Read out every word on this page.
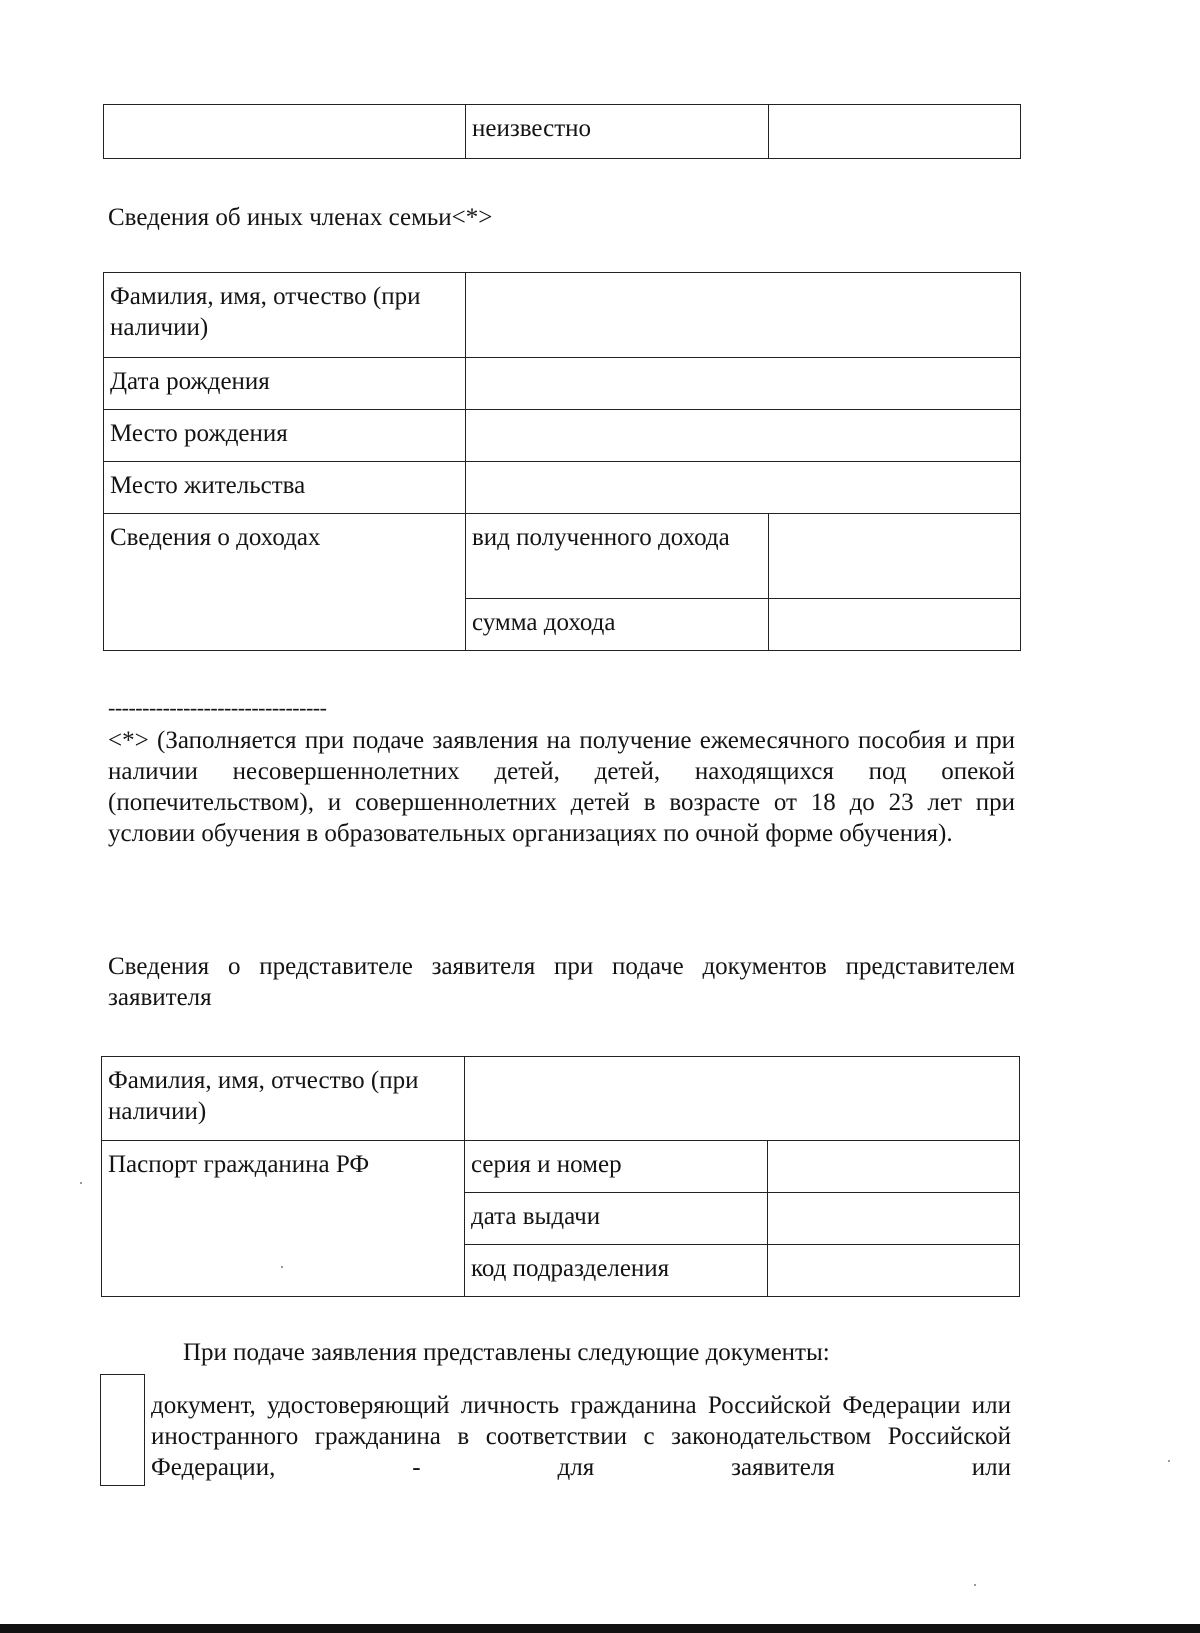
	неизвестно	
Сведения об иных членах семьи<*>
Фамилия, имя, отчество (при наличии)		
Дата рождения		
Место рождения		
Место жительства		
Сведения о доходах	вид полученного дохода	
	сумма дохода	
--------------------------------
<*> (Заполняется при подаче заявления на получение ежемесячного пособия и при наличии несовершеннолетних детей, детей, находящихся под опекой (попечительством), и совершеннолетних детей в возрасте от 18 до 23 лет при условии обучения в образовательных организациях по очной форме обучения).
Сведения о представителе заявителя при подаче документов представителем заявителя
Фамилия, имя, отчество (при наличии)		
Паспорт гражданина РФ	серия и номер	
	дата выдачи	
	код подразделения	
При подаче заявления представлены следующие документы:
документ, удостоверяющий личность гражданина Российской Федерации или иностранного гражданина в соответствии с законодательством Российской Федерации, - для заявителя или
